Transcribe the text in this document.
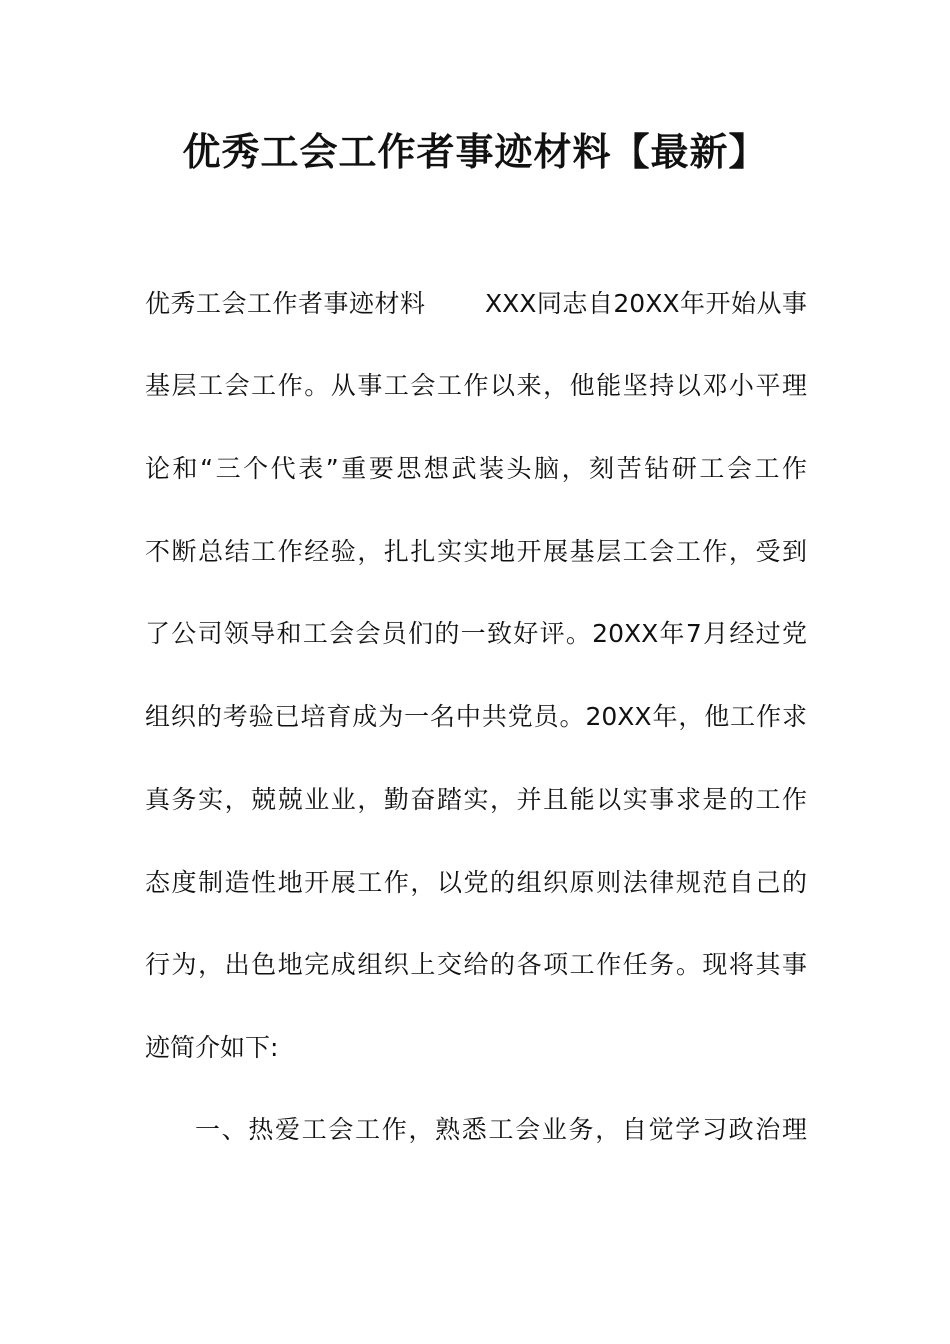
优秀工会工作者事迹材料【最新】
优秀工会工作者事迹材料　　 XXX同志自20XX年开始从事
基层工会工作。从事工会工作以来，他能坚持以邓小平理
论和“三个代表”重要思想武装头脑，刻苦钻研工会工作
不断总结工作经验，扎扎实实地开展基层工会工作，受到
了公司领导和工会会员们的一致好评。20XX年7月经过党
组织的考验已培育成为一名中共党员。20XX年，他工作求
真务实，兢兢业业，勤奋踏实，并且能以实事求是的工作
态度制造性地开展工作，以党的组织原则法律规范自己的
行为，出色地完成组织上交给的各项工作任务。现将其事
迹简介如下:
一、热爱工会工作，熟悉工会业务，自觉学习政治理
